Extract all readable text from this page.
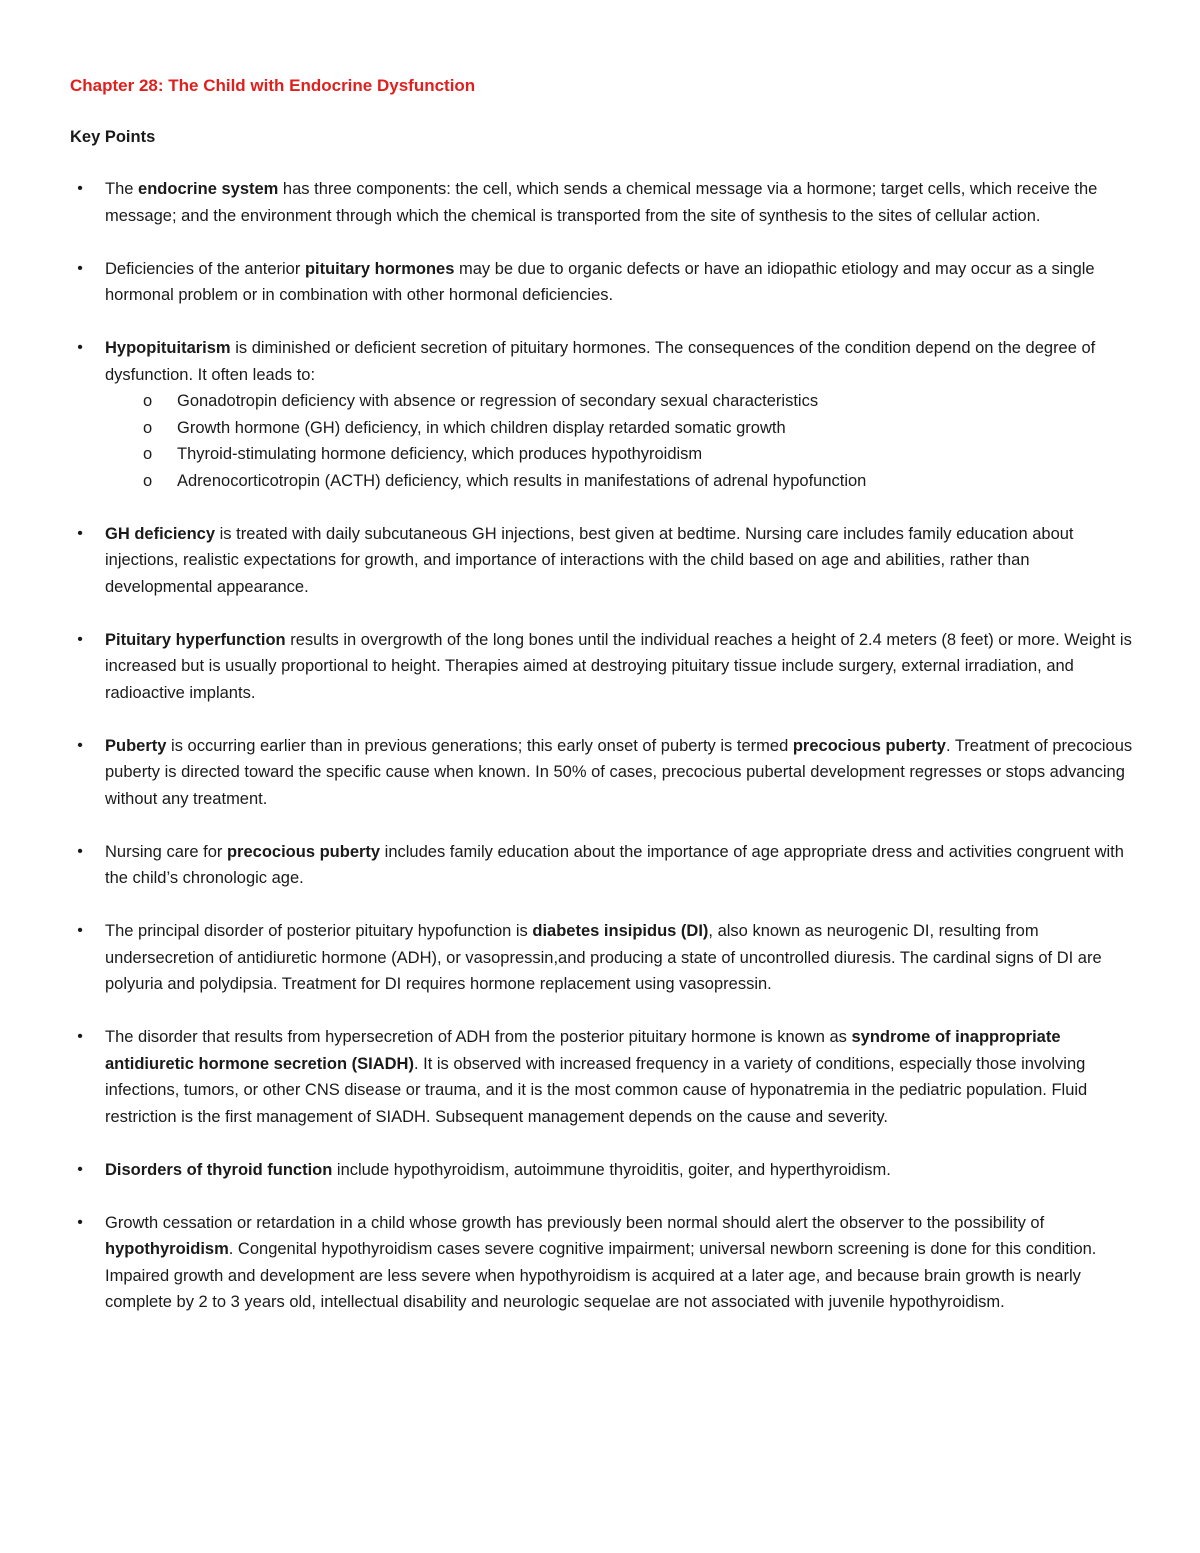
Chapter 28: The Child with Endocrine Dysfunction
Key Points
• The endocrine system has three components: the cell, which sends a chemical message via a hormone; target cells, which receive the message; and the environment through which the chemical is transported from the site of synthesis to the sites of cellular action.
• Deficiencies of the anterior pituitary hormones may be due to organic defects or have an idiopathic etiology and may occur as a single hormonal problem or in combination with other hormonal deficiencies.
• Hypopituitarism is diminished or deficient secretion of pituitary hormones. The consequences of the condition depend on the degree of dysfunction. It often leads to:
o Gonadotropin deficiency with absence or regression of secondary sexual characteristics
o Growth hormone (GH) deficiency, in which children display retarded somatic growth
o Thyroid-stimulating hormone deficiency, which produces hypothyroidism
o Adrenocorticotropin (ACTH) deficiency, which results in manifestations of adrenal hypofunction
• GH deficiency is treated with daily subcutaneous GH injections, best given at bedtime. Nursing care includes family education about injections, realistic expectations for growth, and importance of interactions with the child based on age and abilities, rather than developmental appearance.
• Pituitary hyperfunction results in overgrowth of the long bones until the individual reaches a height of 2.4 meters (8 feet) or more. Weight is increased but is usually proportional to height. Therapies aimed at destroying pituitary tissue include surgery, external irradiation, and radioactive implants.
• Puberty is occurring earlier than in previous generations; this early onset of puberty is termed precocious puberty. Treatment of precocious puberty is directed toward the specific cause when known. In 50% of cases, precocious pubertal development regresses or stops advancing without any treatment.
• Nursing care for precocious puberty includes family education about the importance of age appropriate dress and activities congruent with the child’s chronologic age.
• The principal disorder of posterior pituitary hypofunction is diabetes insipidus (DI), also known as neurogenic DI, resulting from undersecretion of antidiuretic hormone (ADH), or vasopressin,and producing a state of uncontrolled diuresis. The cardinal signs of DI are polyuria and polydipsia. Treatment for DI requires hormone replacement using vasopressin.
• The disorder that results from hypersecretion of ADH from the posterior pituitary hormone is known as syndrome of inappropriate antidiuretic hormone secretion (SIADH). It is observed with increased frequency in a variety of conditions, especially those involving infections, tumors, or other CNS disease or trauma, and it is the most common cause of hyponatremia in the pediatric population. Fluid restriction is the first management of SIADH. Subsequent management depends on the cause and severity.
• Disorders of thyroid function include hypothyroidism, autoimmune thyroiditis, goiter, and hyperthyroidism.
• Growth cessation or retardation in a child whose growth has previously been normal should alert the observer to the possibility of hypothyroidism. Congenital hypothyroidism cases severe cognitive impairment; universal newborn screening is done for this condition. Impaired growth and development are less severe when hypothyroidism is acquired at a later age, and because brain growth is nearly complete by 2 to 3 years old, intellectual disability and neurologic sequelae are not associated with juvenile hypothyroidism.
